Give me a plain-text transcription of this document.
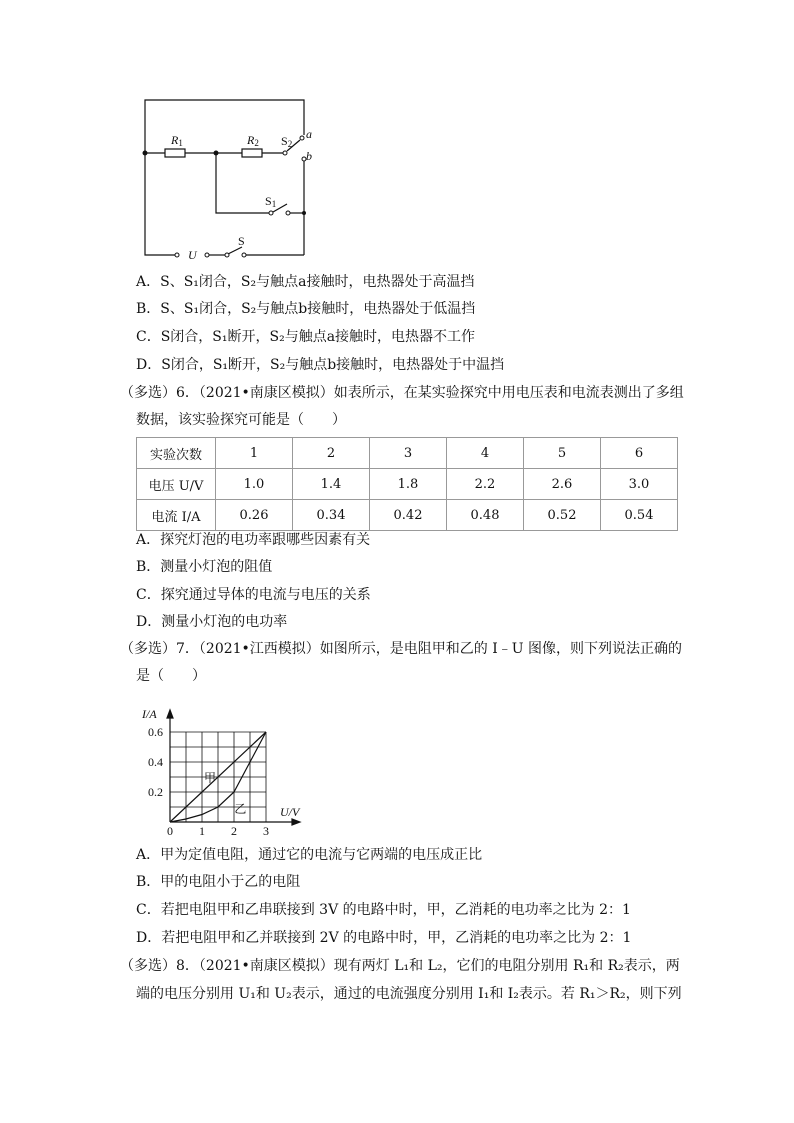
R1	R2 S2
a
b
S1
U
S
A．S、S₁闭合，S₂与触点a接触时，电热器处于高温挡
B．S、S₁闭合，S₂与触点b接触时，电热器处于低温挡
C．S闭合，S₁断开，S₂与触点a接触时，电热器不工作
D．S闭合，S₁断开，S₂与触点b接触时，电热器处于中温挡
（多选）6．（2021•南康区模拟）如表所示，在某实验探究中用电压表和电流表测出了多组
数据，该实验探究可能是（　　）
实验次数	1	2	3	4	5	6
电压 U/V	1.0	1.4	1.8	2.2	2.6	3.0
电流 I/A	0.26	0.34	0.42	0.48	0.52	0.54
A．探究灯泡的电功率跟哪些因素有关
B．测量小灯泡的阻值
C．探究通过导体的电流与电压的关系
D．测量小灯泡的电功率
（多选）7．（2021•江西模拟）如图所示，是电阻甲和乙的 I﹣U 图像，则下列说法正确的
是（　　）
0 1 2 3
0.2
0.4
0.6
I/A
U/V
甲
乙
A．甲为定值电阻，通过它的电流与它两端的电压成正比
B．甲的电阻小于乙的电阻
C．若把电阻甲和乙串联接到 3V 的电路中时，甲，乙消耗的电功率之比为 2：1
D．若把电阻甲和乙并联接到 2V 的电路中时，甲，乙消耗的电功率之比为 2：1
（多选）8．（2021•南康区模拟）现有两灯 L₁和 L₂，它们的电阻分别用 R₁和 R₂表示，两
端的电压分别用 U₁和 U₂表示，通过的电流强度分别用 I₁和 I₂表示。若 R₁＞R₂，则下列
